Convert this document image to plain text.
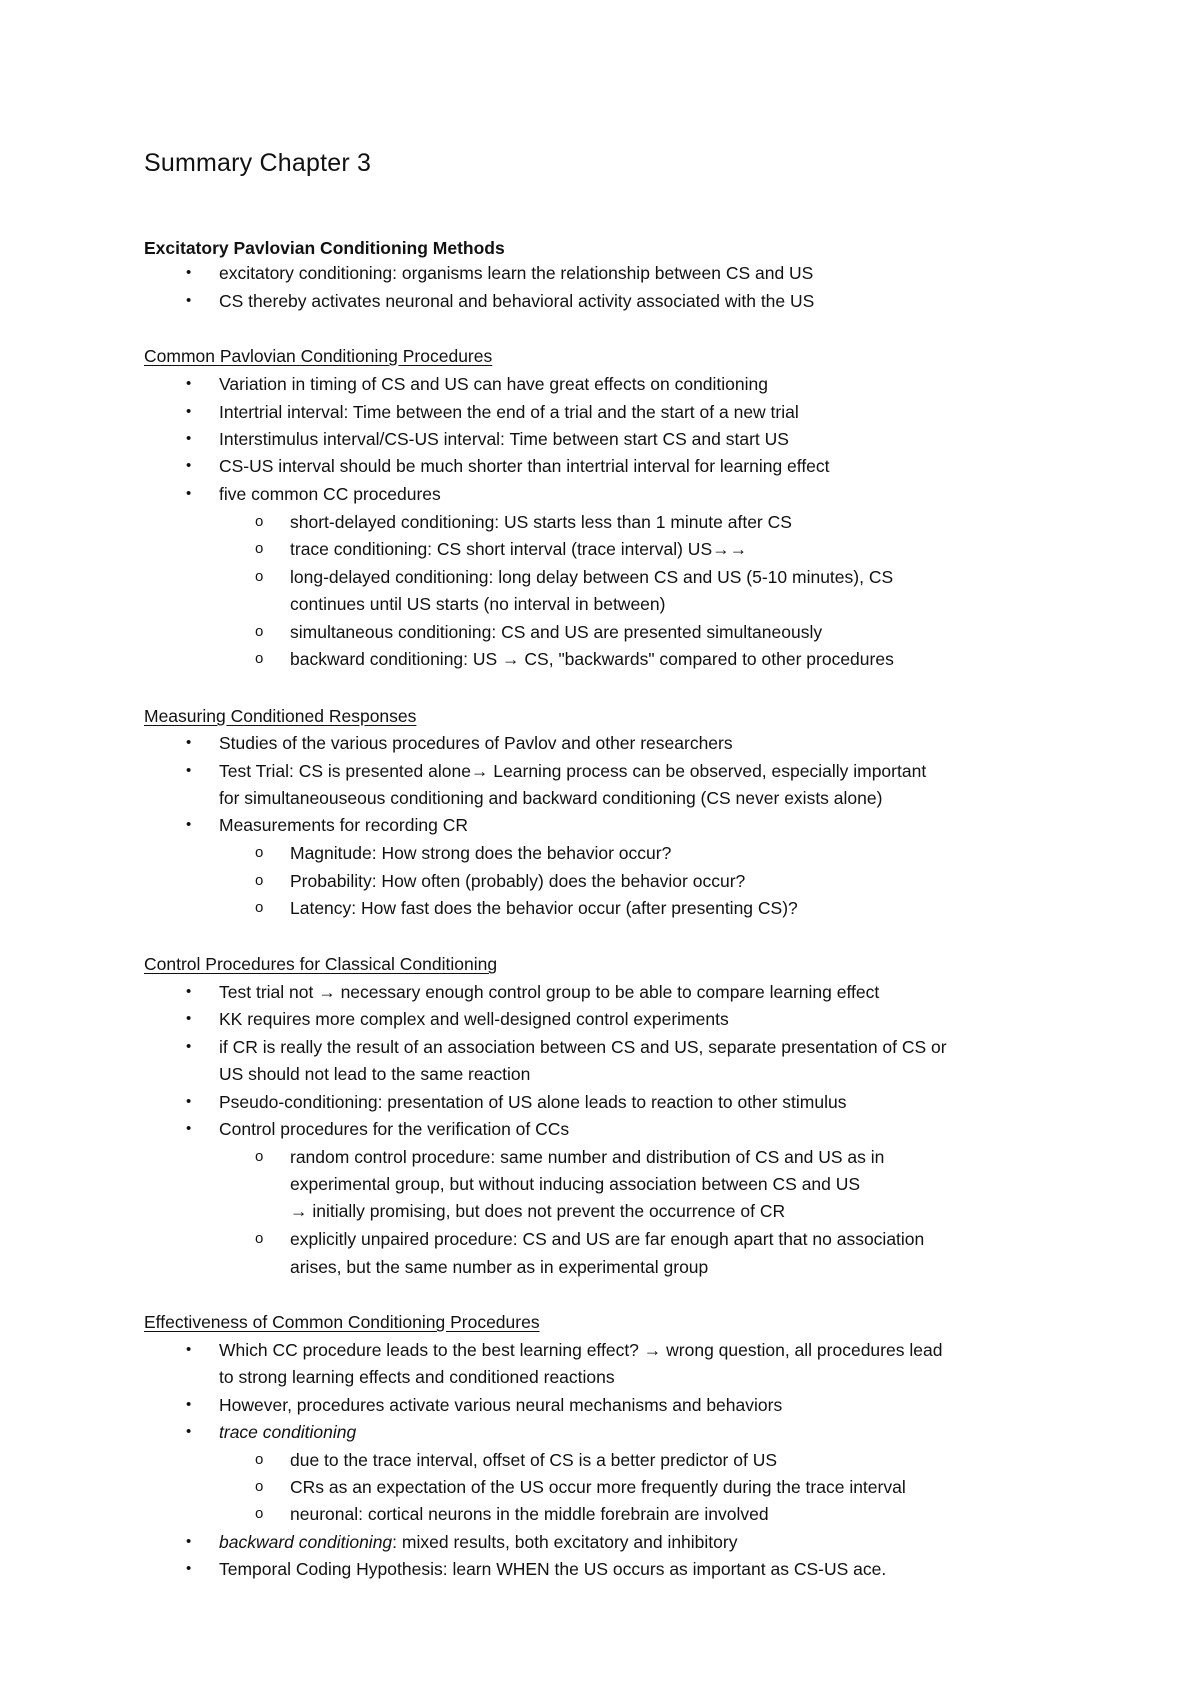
Summary Chapter 3
Excitatory Pavlovian Conditioning Methods
• excitatory conditioning: organisms learn the relationship between CS and US
• CS thereby activates neuronal and behavioral activity associated with the US
Common Pavlovian Conditioning Procedures
• Variation in timing of CS and US can have great effects on conditioning
• Intertrial interval: Time between the end of a trial and the start of a new trial
• Interstimulus interval/CS-US interval: Time between start CS and start US
• CS-US interval should be much shorter than intertrial interval for learning effect
• five common CC procedures
o short-delayed conditioning: US starts less than 1 minute after CS
o trace conditioning: CS short interval (trace interval) US→→
o long-delayed conditioning: long delay between CS and US (5-10 minutes), CS
continues until US starts (no interval in between)
o simultaneous conditioning: CS and US are presented simultaneously
o backward conditioning: US → CS, "backwards" compared to other procedures
Measuring Conditioned Responses
• Studies of the various procedures of Pavlov and other researchers
• Test Trial: CS is presented alone→ Learning process can be observed, especially important
for simultaneouseous conditioning and backward conditioning (CS never exists alone)
• Measurements for recording CR
o Magnitude: How strong does the behavior occur?
o Probability: How often (probably) does the behavior occur?
o Latency: How fast does the behavior occur (after presenting CS)?
Control Procedures for Classical Conditioning
• Test trial not → necessary enough control group to be able to compare learning effect
• KK requires more complex and well-designed control experiments
• if CR is really the result of an association between CS and US, separate presentation of CS or
US should not lead to the same reaction
• Pseudo-conditioning: presentation of US alone leads to reaction to other stimulus
• Control procedures for the verification of CCs
o random control procedure: same number and distribution of CS and US as in
experimental group, but without inducing association between CS and US
→ initially promising, but does not prevent the occurrence of CR
o explicitly unpaired procedure: CS and US are far enough apart that no association
arises, but the same number as in experimental group
Effectiveness of Common Conditioning Procedures
• Which CC procedure leads to the best learning effect? → wrong question, all procedures lead
to strong learning effects and conditioned reactions
• However, procedures activate various neural mechanisms and behaviors
• trace conditioning
o due to the trace interval, offset of CS is a better predictor of US
o CRs as an expectation of the US occur more frequently during the trace interval
o neuronal: cortical neurons in the middle forebrain are involved
• backward conditioning: mixed results, both excitatory and inhibitory
• Temporal Coding Hypothesis: learn WHEN the US occurs as important as CS-US ace.
